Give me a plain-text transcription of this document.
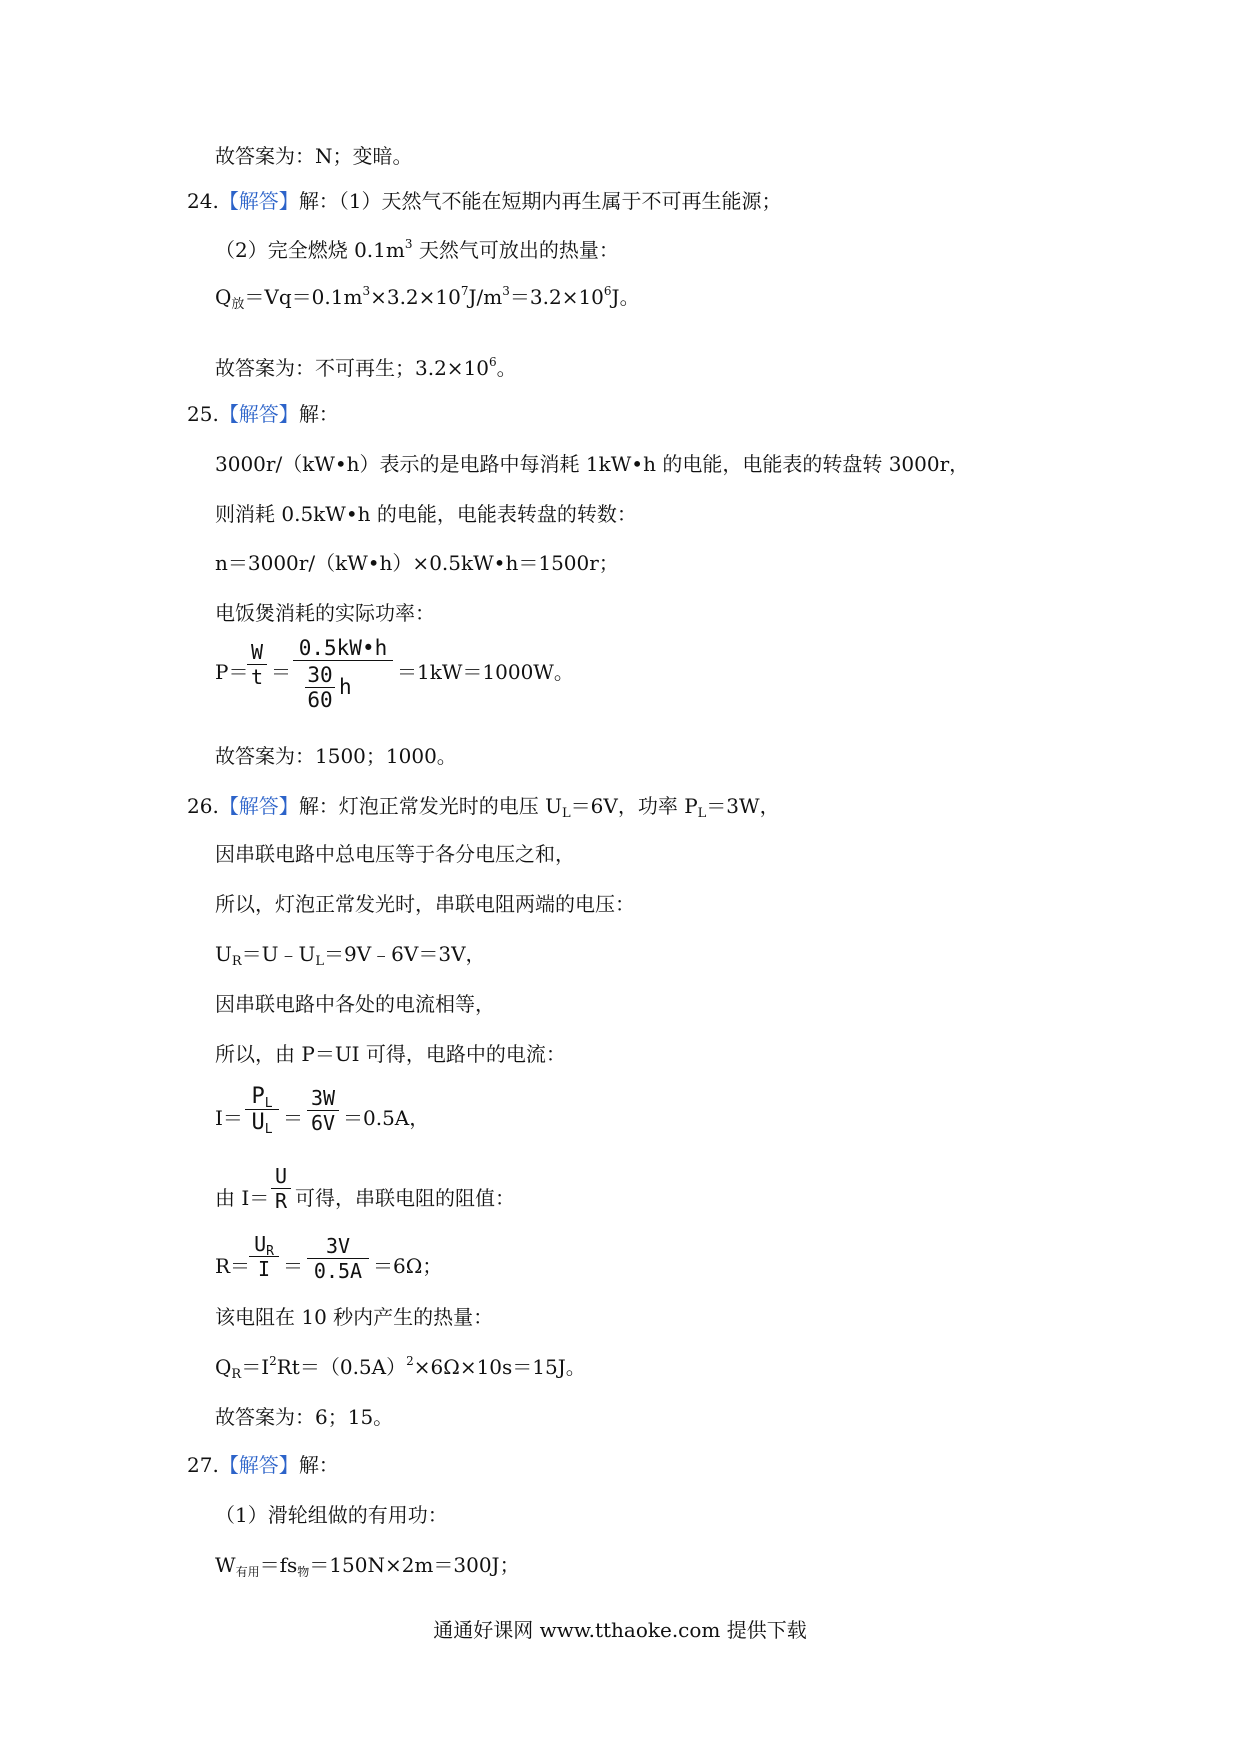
故答案为：N；变暗。
24.【解答】解：（1）天然气不能在短期内再生属于不可再生能源；
（2）完全燃烧 $0.1m^3$ 天然气可放出的热量：
$Q_放=Vq=0.1m^3\times 3.2\times 10^7J/m^3=3.2\times 10^6J$。
故答案为：不可再生；$3.2\times 10^6$。
25.【解答】解：
3000r/（kW•h）表示的是电路中每消耗 1kW•h 的电能，电能表的转盘转 3000r，
则消耗 0.5kW•h 的电能，电能表转盘的转数：
n＝3000r/（kW•h）×0.5kW•h＝1500r；
电饭煲消耗的实际功率：
P＝
W
t ＝
0.5kW•h
30
60
h
＝1kW＝1000W。
故答案为：1500；1000。
26.【解答】解：灯泡正常发光时的电压 $U_L=6V$，功率 $P_L=3W$，
因串联电路中总电压等于各分电压之和，
所以，灯泡正常发光时，串联电阻两端的电压：
$U_R=U﹣U_L=9V﹣6V=3V$，
因串联电路中各处的电流相等，
所以，由 P＝UI 可得，电路中的电流：
I＝
$P_L$
$U_L$ ＝
3W
6V ＝0.5A，
由 I＝
U
R 可得，串联电阻的阻值：
R＝
$U_R$
I ＝
3V
0.5A ＝6Ω；
该电阻在 10 秒内产生的热量：
$Q_R=I^2Rt=(0.5A)^2\times 6\Omega\times 10s=15J$。
故答案为：6；15。
27.【解答】解：
（1）滑轮组做的有用功：
$W_{有用}=fs_物=150N\times 2m=300J$；
通通好课网 www.tthaoke.com 提供下载
